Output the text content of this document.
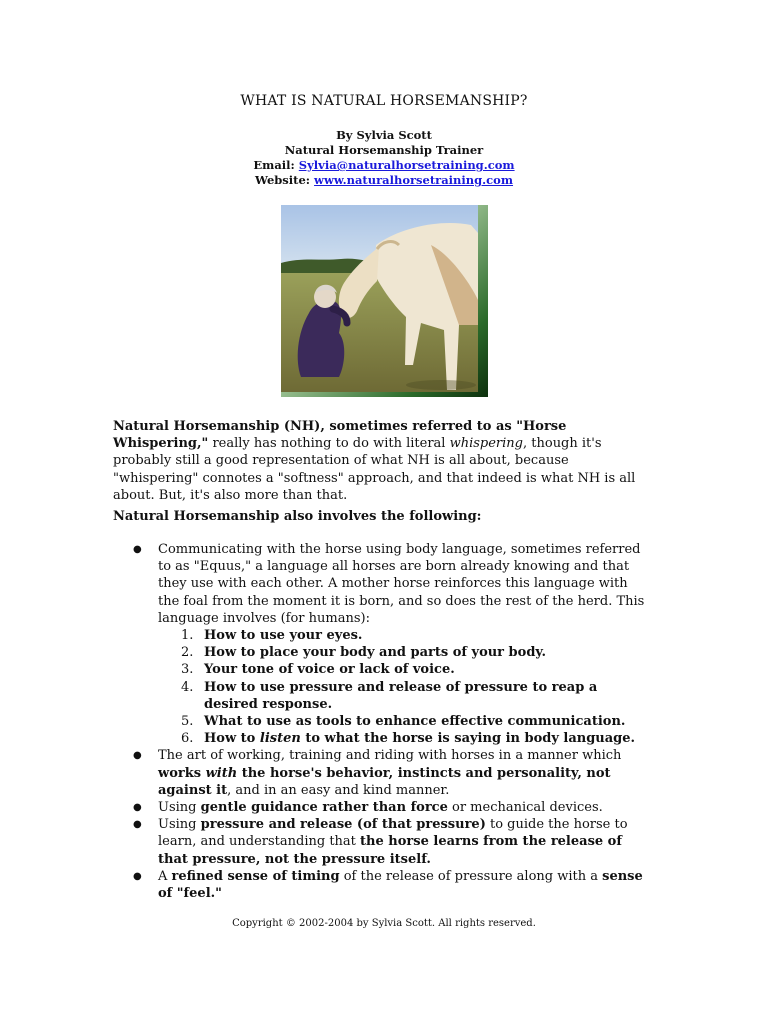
WHAT IS NATURAL HORSEMANSHIP?
By Sylvia Scott
Natural Horsemanship Trainer
Email: Sylvia@naturalhorsetraining.com
Website: www.naturalhorsetraining.com
Natural Horsemanship (NH), sometimes referred to as "Horse Whispering," really has nothing to do with literal whispering, though it's probably still a good representation of what NH is all about, because "whispering" connotes a "softness" approach, and that indeed is what NH is all about. But, it's also more than that.
Natural Horsemanship also involves the following:
● Communicating with the horse using body language, sometimes referred to as "Equus," a language all horses are born already knowing and that they use with each other. A mother horse reinforces this language with the foal from the moment it is born, and so does the rest of the herd. This language involves (for humans):
1. How to use your eyes.
2. How to place your body and parts of your body.
3. Your tone of voice or lack of voice.
4. How to use pressure and release of pressure to reap a desired response.
5. What to use as tools to enhance effective communication.
6. How to listen to what the horse is saying in body language.
● The art of working, training and riding with horses in a manner which works with the horse's behavior, instincts and personality, not against it, and in an easy and kind manner.
● Using gentle guidance rather than force or mechanical devices.
● Using pressure and release (of that pressure) to guide the horse to learn, and understanding that the horse learns from the release of that pressure, not the pressure itself.
● A refined sense of timing of the release of pressure along with a sense of "feel."
Copyright © 2002-2004 by Sylvia Scott. All rights reserved.
